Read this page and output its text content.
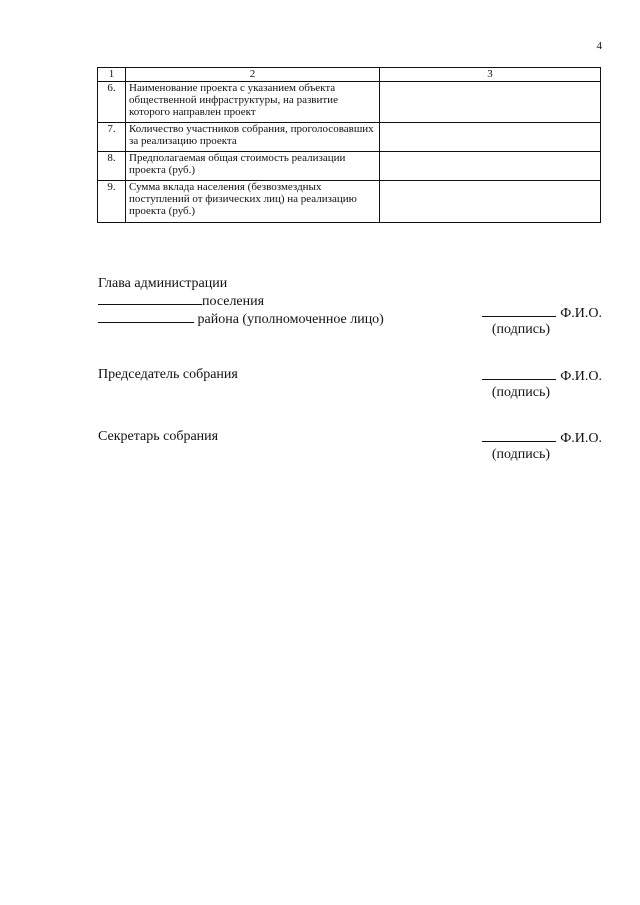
4
1	2	3
6.	Наименование проекта с указанием объекта общественной инфраструктуры, на развитие которого направлен проект	
7.	Количество участников собрания, проголосовавших за реализацию проекта	
8.	Предполагаемая общая стоимость реализации проекта (руб.)	
9.	Сумма вклада населения (безвозмездных поступлений от физических лиц) на реализацию проекта (руб.)	
Глава администрации
поселения
района (уполномоченное лицо)	Ф.И.О.
(подпись)
Председатель собрания	Ф.И.О.
(подпись)
Секретарь собрания	Ф.И.О.
(подпись)
